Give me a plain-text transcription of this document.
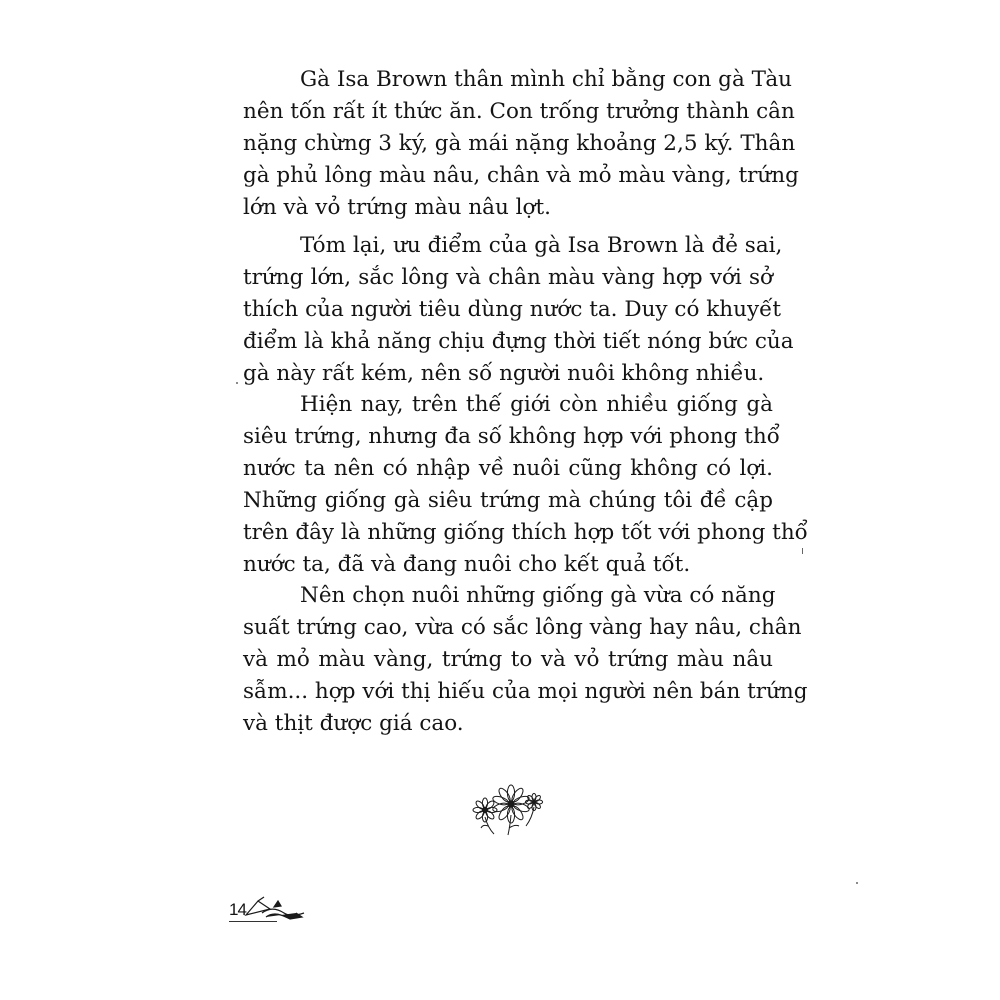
Gà Isa Brown thân mình chỉ bằng con gà Tàu
nên tốn rất ít thức ăn. Con trống trưởng thành cân
nặng chừng 3 ký, gà mái nặng khoảng 2,5 ký. Thân
gà phủ lông màu nâu, chân và mỏ màu vàng, trứng
lớn và vỏ trứng màu nâu lợt.
Tóm lại, ưu điểm của gà Isa Brown là đẻ sai,
trứng lớn, sắc lông và chân màu vàng hợp với sở
thích của người tiêu dùng nước ta. Duy có khuyết
điểm là khả năng chịu đựng thời tiết nóng bức của
gà này rất kém, nên số người nuôi không nhiều.
Hiện nay, trên thế giới còn nhiều giống gà
siêu trứng, nhưng đa số không hợp với phong thổ
nước ta nên có nhập về nuôi cũng không có lợi.
Những giống gà siêu trứng mà chúng tôi đề cập
trên đây là những giống thích hợp tốt với phong thổ
nước ta, đã và đang nuôi cho kết quả tốt.
Nên chọn nuôi những giống gà vừa có năng
suất trứng cao, vừa có sắc lông vàng hay nâu, chân
và mỏ màu vàng, trứng to và vỏ trứng màu nâu
sẫm... hợp với thị hiếu của mọi người nên bán trứng
và thịt được giá cao.
14
